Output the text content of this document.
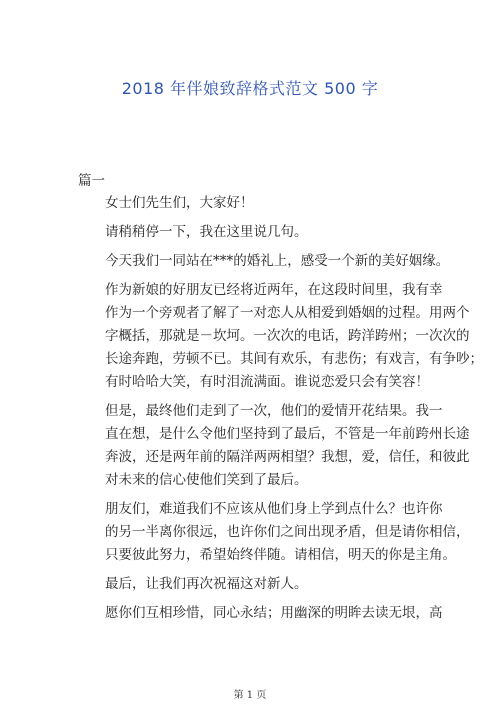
2018 年伴娘致辞格式范文 500 字
篇一

女士们先生们，大家好！

请稍稍停一下，我在这里说几句。

今天我们一同站在***的婚礼上，感受一个新的美好姻缘。

作为新娘的好朋友已经将近两年，在这段时间里，我有幸
作为一个旁观者了解了一对恋人从相爱到婚姻的过程。用两个
字概括，那就是－坎坷。一次次的电话，跨洋跨州；一次次的
长途奔跑，劳顿不已。其间有欢乐，有悲伤；有戏言，有争吵；
有时哈哈大笑，有时泪流满面。谁说恋爱只会有笑容！

但是，最终他们走到了一次，他们的爱情开花结果。我一
直在想，是什么令他们坚持到了最后，不管是一年前跨州长途
奔波，还是两年前的隔洋两两相望？我想，爱，信任，和彼此
对未来的信心使他们笑到了最后。

朋友们，难道我们不应该从他们身上学到点什么？也许你
的另一半离你很远，也许你们之间出现矛盾，但是请你相信，
只要彼此努力，希望始终伴随。请相信，明天的你是主角。

最后，让我们再次祝福这对新人。

愿你们互相珍惜，同心永结；用幽深的明眸去读无垠，高

第 1 页
